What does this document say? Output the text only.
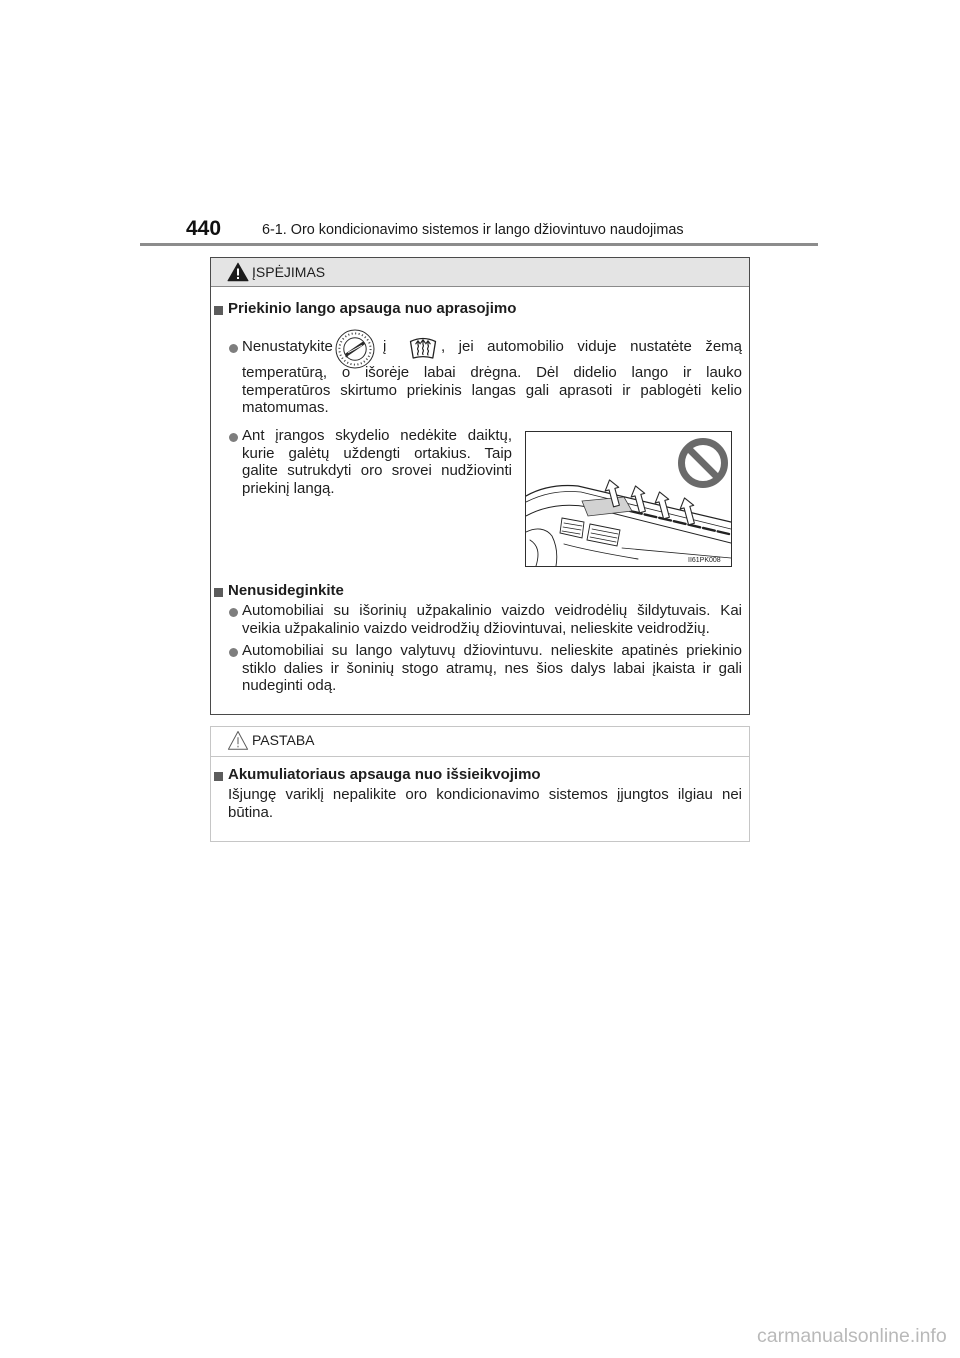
440	6-1. Oro kondicionavimo sistemos ir lango džiovintuvo naudojimas
ĮSPĖJIMAS
Priekinio lango apsauga nuo aprasojimo
Nenustatykite	į	, jei automobilio viduje nustatėte žemą
temperatūrą, o išorėje labai drėgna. Dėl didelio lango ir lauko
temperatūros skirtumo priekinis langas gali aprasoti ir pablogėti kelio
matomumas.
Ant įrangos skydelio nedėkite daiktų,
kurie galėtų uždengti ortakius. Taip
galite sutrukdyti oro srovei nudžiovinti
priekinį langą.
II61PK008
Nenusideginkite
Automobiliai su išorinių užpakalinio vaizdo veidrodėlių šildytuvais. Kai
veikia užpakalinio vaizdo veidrodžių džiovintuvai, nelieskite veidrodžių.
Automobiliai su lango valytuvų džiovintuvu. nelieskite apatinės priekinio
stiklo dalies ir šoninių stogo atramų, nes šios dalys labai įkaista ir gali
nudeginti odą.
PASTABA
Akumuliatoriaus apsauga nuo išsieikvojimo
Išjungę variklį nepalikite oro kondicionavimo sistemos įjungtos ilgiau nei
būtina.
carmanualsonline.info
